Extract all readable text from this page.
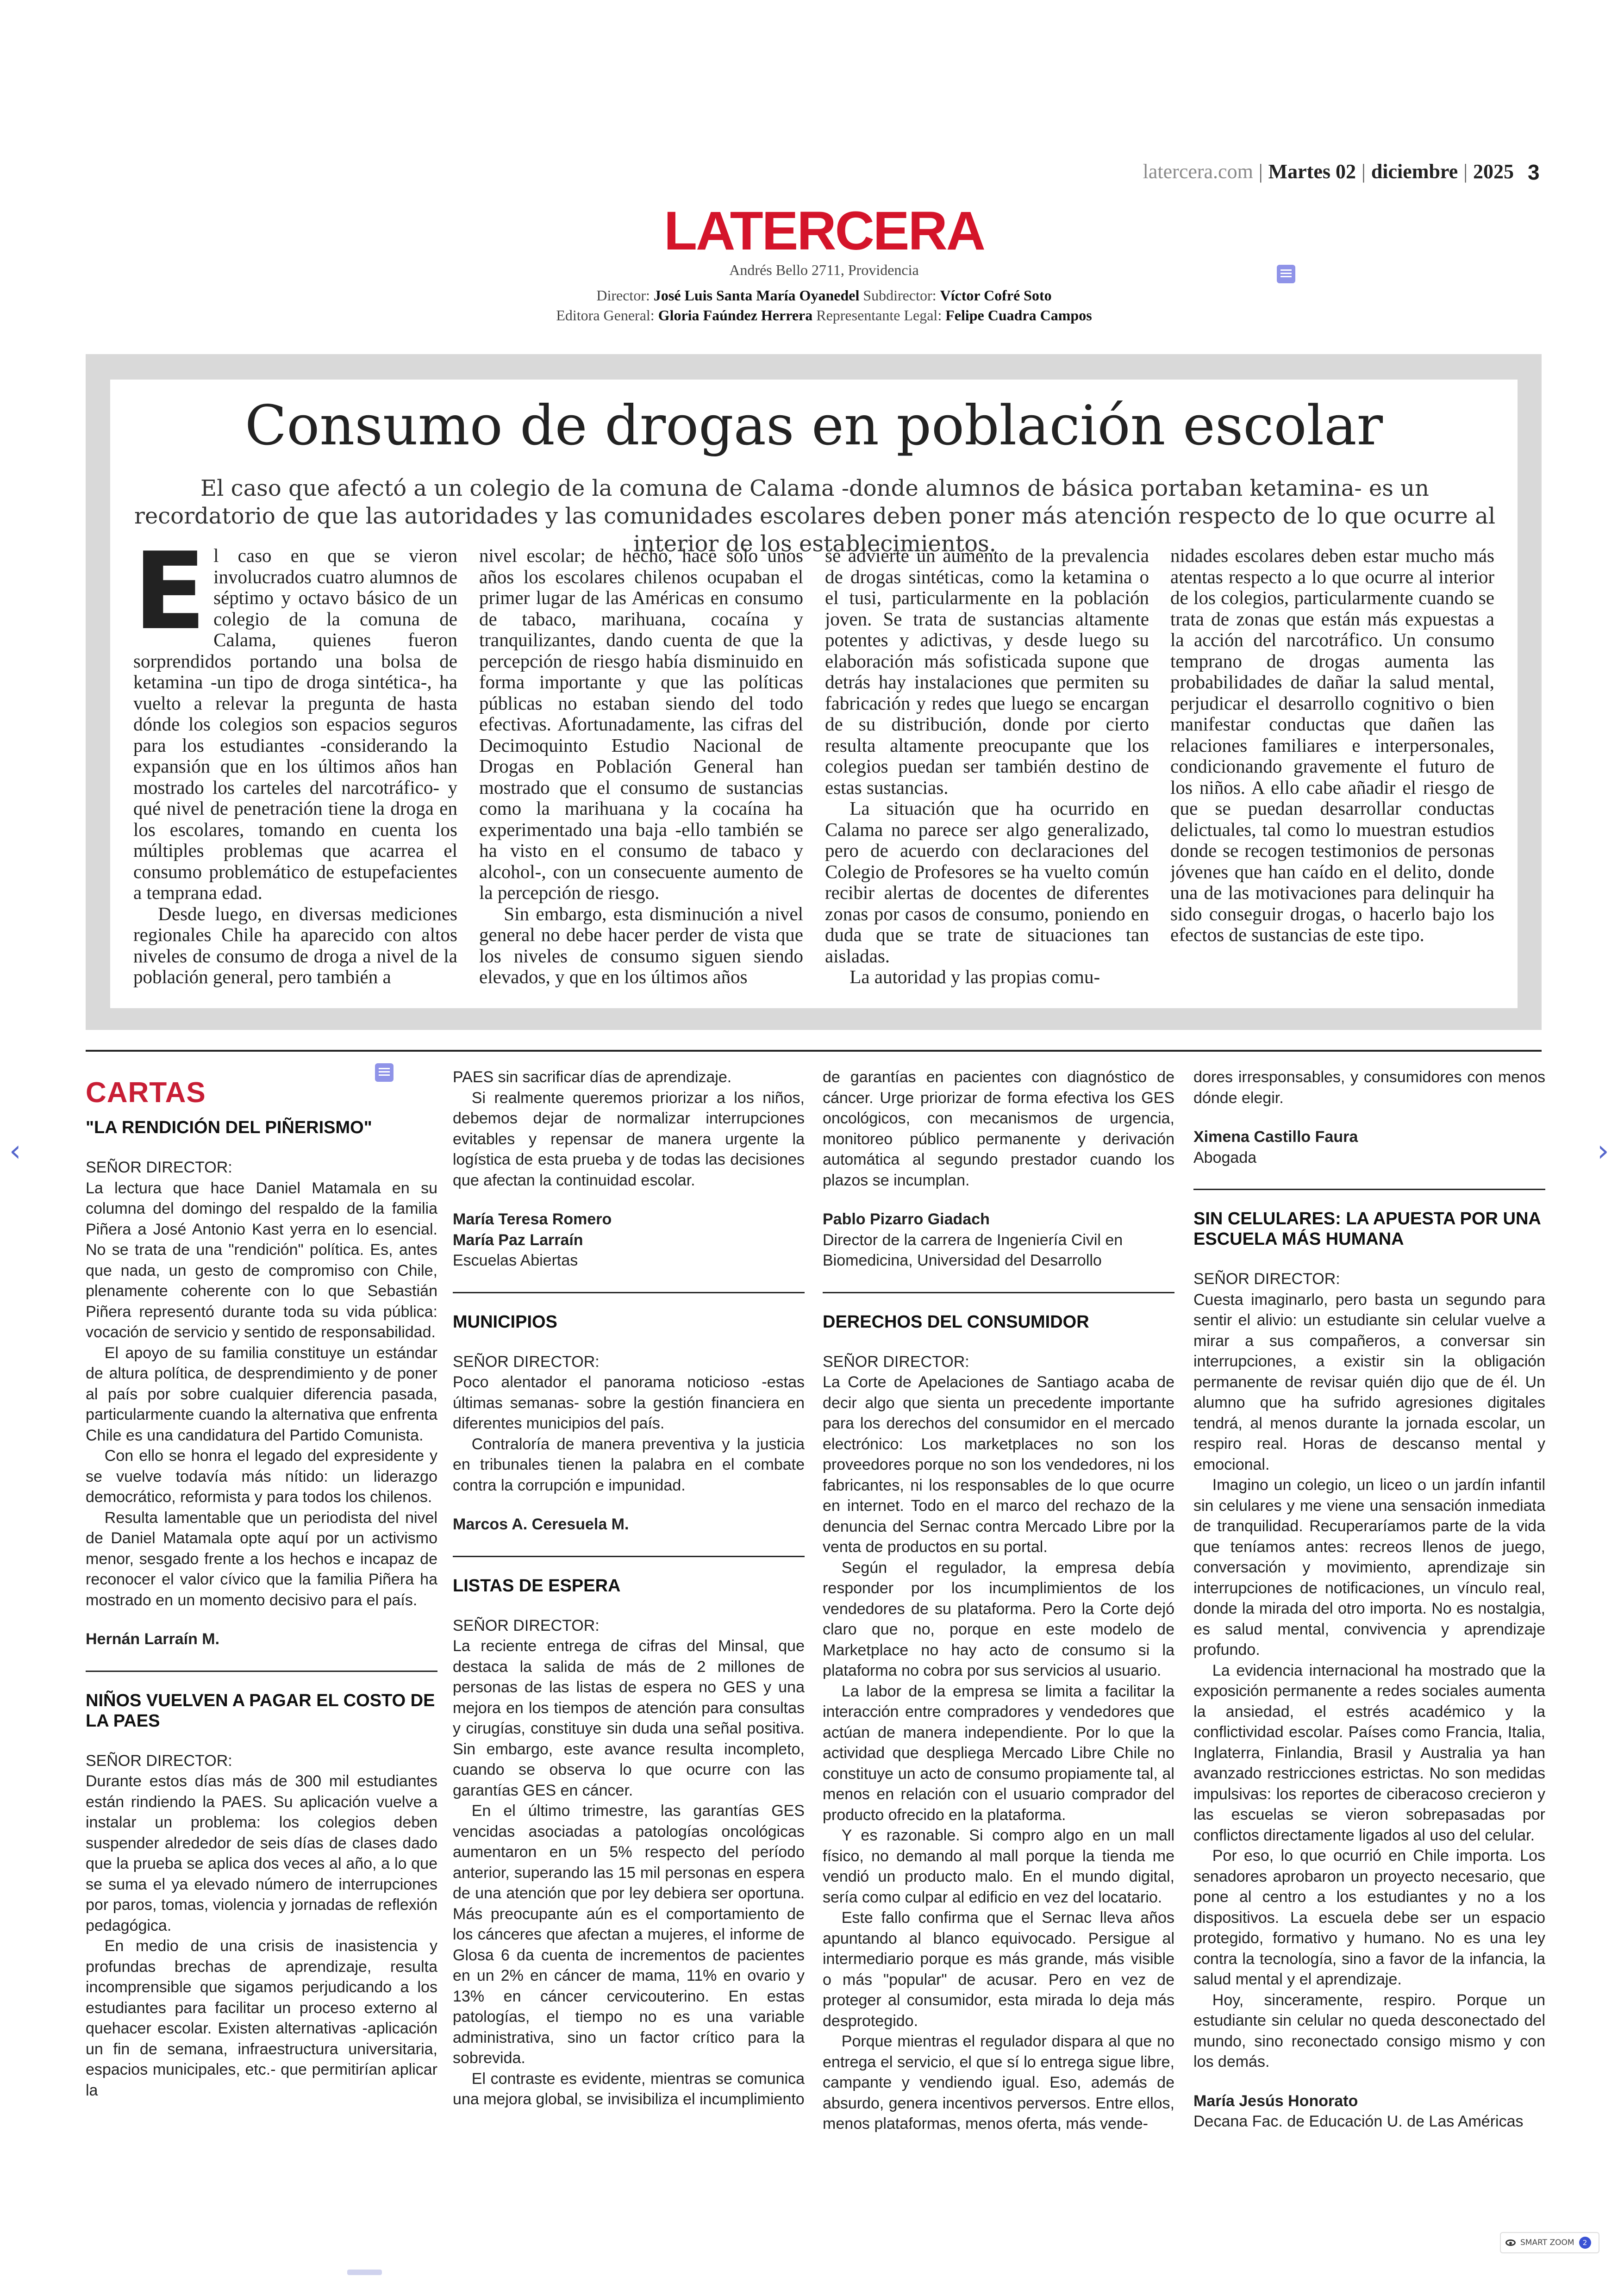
latercera.com | Martes 02 | diciembre | 2025 3
LATERCERA
Andrés Bello 2711, Providencia
Director: José Luis Santa María Oyanedel Subdirector: Víctor Cofré Soto
Editora General: Gloria Faúndez Herrera Representante Legal: Felipe Cuadra Campos
Consumo de drogas en población escolar
El caso que afectó a un colegio de la comuna de Calama -donde alumnos de básica portaban ketamina- es un recordatorio de que las autoridades y las comunidades escolares deben poner más atención respecto de lo que ocurre al interior de los establecimientos.
E l caso en que se vieron involucrados cuatro alumnos de séptimo y octavo básico de un colegio de la comuna de Calama, quienes fueron sorprendidos portando una bolsa de ketamina -un tipo de droga sintética-, ha vuelto a relevar la pregunta de hasta dónde los colegios son espacios seguros para los estudiantes -considerando la expansión que en los últimos años han mostrado los carteles del narcotráfico- y qué nivel de penetración tiene la droga en los escolares, tomando en cuenta los múltiples problemas que acarrea el consumo problemático de estupefacientes a temprana edad.

Desde luego, en diversas mediciones regionales Chile ha aparecido con altos niveles de consumo de droga a nivel de la población general, pero también a

nivel escolar; de hecho, hace solo unos años los escolares chilenos ocupaban el primer lugar de las Américas en consumo de tabaco, marihuana, cocaína y tranquilizantes, dando cuenta de que la percepción de riesgo había disminuido en forma importante y que las políticas públicas no estaban siendo del todo efectivas. Afortunadamente, las cifras del Decimoquinto Estudio Nacional de Drogas en Población General han mostrado que el consumo de sustancias como la marihuana y la cocaína ha experimentado una baja -ello también se ha visto en el consumo de tabaco y alcohol-, con un consecuente aumento de la percepción de riesgo.

Sin embargo, esta disminución a nivel general no debe hacer perder de vista que los niveles de consumo siguen siendo elevados, y que en los últimos años

se advierte un aumento de la prevalencia de drogas sintéticas, como la ketamina o el tusi, particularmente en la población joven. Se trata de sustancias altamente potentes y adictivas, y desde luego su elaboración más sofisticada supone que detrás hay instalaciones que permiten su fabricación y redes que luego se encargan de su distribución, donde por cierto resulta altamente preocupante que los colegios puedan ser también destino de estas sustancias.

La situación que ha ocurrido en Calama no parece ser algo generalizado, pero de acuerdo con declaraciones del Colegio de Profesores se ha vuelto común recibir alertas de docentes de diferentes zonas por casos de consumo, poniendo en duda que se trate de situaciones tan aisladas.

La autoridad y las propias comu-

nidades escolares deben estar mucho más atentas respecto a lo que ocurre al interior de los colegios, particularmente cuando se trata de zonas que están más expuestas a la acción del narcotráfico. Un consumo temprano de drogas aumenta las probabilidades de dañar la salud mental, perjudicar el desarrollo cognitivo o bien manifestar conductas que dañen las relaciones familiares e interpersonales, condicionando gravemente el futuro de los niños. A ello cabe añadir el riesgo de que se puedan desarrollar conductas delictuales, tal como lo muestran estudios donde se recogen testimonios de personas jóvenes que han caído en el delito, donde una de las motivaciones para delinquir ha sido conseguir drogas, o hacerlo bajo los efectos de sustancias de este tipo.

CARTAS
"LA RENDICIÓN DEL PIÑERISMO"

SEÑOR DIRECTOR:

La lectura que hace Daniel Matamala en su columna del domingo del respaldo de la familia Piñera a José Antonio Kast yerra en lo esencial. No se trata de una "rendición" política. Es, antes que nada, un gesto de compromiso con Chile, plenamente coherente con lo que Sebastián Piñera representó durante toda su vida pública: vocación de servicio y sentido de responsabilidad.

El apoyo de su familia constituye un estándar de altura política, de desprendimiento y de poner al país por sobre cualquier diferencia pasada, particularmente cuando la alternativa que enfrenta Chile es una candidatura del Partido Comunista.

Con ello se honra el legado del expresidente y se vuelve todavía más nítido: un liderazgo democrático, reformista y para todos los chilenos.

Resulta lamentable que un periodista del nivel de Daniel Matamala opte aquí por un activismo menor, sesgado frente a los hechos e incapaz de reconocer el valor cívico que la familia Piñera ha mostrado en un momento decisivo para el país.

Hernán Larraín M.
NIÑOS VUELVEN A PAGAR EL COSTO DE LA PAES

SEÑOR DIRECTOR:

Durante estos días más de 300 mil estudiantes están rindiendo la PAES. Su aplicación vuelve a instalar un problema: los colegios deben suspender alrededor de seis días de clases dado que la prueba se aplica dos veces al año, a lo que se suma el ya elevado número de interrupciones por paros, tomas, violencia y jornadas de reflexión pedagógica.

En medio de una crisis de inasistencia y profundas brechas de aprendizaje, resulta incomprensible que sigamos perjudicando a los estudiantes para facilitar un proceso externo al quehacer escolar. Existen alternativas -aplicación un fin de semana, infraestructura universitaria, espacios municipales, etc.- que permitirían aplicar la

PAES sin sacrificar días de aprendizaje.

Si realmente queremos priorizar a los niños, debemos dejar de normalizar interrupciones evitables y repensar de manera urgente la logística de esta prueba y de todas las decisiones que afectan la continuidad escolar.

María Teresa Romero
María Paz Larraín
Escuelas Abiertas
MUNICIPIOS

SEÑOR DIRECTOR:

Poco alentador el panorama noticioso -estas últimas semanas- sobre la gestión financiera en diferentes municipios del país.

Contraloría de manera preventiva y la justicia en tribunales tienen la palabra en el combate contra la corrupción e impunidad.

Marcos A. Ceresuela M.
LISTAS DE ESPERA

SEÑOR DIRECTOR:

La reciente entrega de cifras del Minsal, que destaca la salida de más de 2 millones de personas de las listas de espera no GES y una mejora en los tiempos de atención para consultas y cirugías, constituye sin duda una señal positiva. Sin embargo, este avance resulta incompleto, cuando se observa lo que ocurre con las garantías GES en cáncer.

En el último trimestre, las garantías GES vencidas asociadas a patologías oncológicas aumentaron en un 5% respecto del período anterior, superando las 15 mil personas en espera de una atención que por ley debiera ser oportuna. Más preocupante aún es el comportamiento de los cánceres que afectan a mujeres, el informe de Glosa 6 da cuenta de incrementos de pacientes en un 2% en cáncer de mama, 11% en ovario y 13% en cáncer cervicouterino. En estas patologías, el tiempo no es una variable administrativa, sino un factor crítico para la sobrevida.

El contraste es evidente, mientras se comunica una mejora global, se invisibiliza el incumplimiento

de garantías en pacientes con diagnóstico de cáncer. Urge priorizar de forma efectiva los GES oncológicos, con mecanismos de urgencia, monitoreo público permanente y derivación automática al segundo prestador cuando los plazos se incumplan.

Pablo Pizarro Giadach
Director de la carrera de Ingeniería Civil en Biomedicina, Universidad del Desarrollo
DERECHOS DEL CONSUMIDOR

SEÑOR DIRECTOR:

La Corte de Apelaciones de Santiago acaba de decir algo que sienta un precedente importante para los derechos del consumidor en el mercado electrónico: Los marketplaces no son los proveedores porque no son los vendedores, ni los fabricantes, ni los responsables de lo que ocurre en internet. Todo en el marco del rechazo de la denuncia del Sernac contra Mercado Libre por la venta de productos en su portal.

Según el regulador, la empresa debía responder por los incumplimientos de los vendedores de su plataforma. Pero la Corte dejó claro que no, porque en este modelo de Marketplace no hay acto de consumo si la plataforma no cobra por sus servicios al usuario.

La labor de la empresa se limita a facilitar la interacción entre compradores y vendedores que actúan de manera independiente. Por lo que la actividad que despliega Mercado Libre Chile no constituye un acto de consumo propiamente tal, al menos en relación con el usuario comprador del producto ofrecido en la plataforma.

Y es razonable. Si compro algo en un mall físico, no demando al mall porque la tienda me vendió un producto malo. En el mundo digital, sería como culpar al edificio en vez del locatario.

Este fallo confirma que el Sernac lleva años apuntando al blanco equivocado. Persigue al intermediario porque es más grande, más visible o más "popular" de acusar. Pero en vez de proteger al consumidor, esta mirada lo deja más desprotegido.

Porque mientras el regulador dispara al que no entrega el servicio, el que sí lo entrega sigue libre, campante y vendiendo igual. Eso, además de absurdo, genera incentivos perversos. Entre ellos, menos plataformas, menos oferta, más vende-

dores irresponsables, y consumidores con menos dónde elegir.

Ximena Castillo Faura
Abogada
SIN CELULARES: LA APUESTA POR UNA ESCUELA MÁS HUMANA

SEÑOR DIRECTOR:

Cuesta imaginarlo, pero basta un segundo para sentir el alivio: un estudiante sin celular vuelve a mirar a sus compañeros, a conversar sin interrupciones, a existir sin la obligación permanente de revisar quién dijo que de él. Un alumno que ha sufrido agresiones digitales tendrá, al menos durante la jornada escolar, un respiro real. Horas de descanso mental y emocional.

Imagino un colegio, un liceo o un jardín infantil sin celulares y me viene una sensación inmediata de tranquilidad. Recuperaríamos parte de la vida que teníamos antes: recreos llenos de juego, conversación y movimiento, aprendizaje sin interrupciones de notificaciones, un vínculo real, donde la mirada del otro importa. No es nostalgia, es salud mental, convivencia y aprendizaje profundo.

La evidencia internacional ha mostrado que la exposición permanente a redes sociales aumenta la ansiedad, el estrés académico y la conflictividad escolar. Países como Francia, Italia, Inglaterra, Finlandia, Brasil y Australia ya han avanzado restricciones estrictas. No son medidas impulsivas: los reportes de ciberacoso crecieron y las escuelas se vieron sobrepasadas por conflictos directamente ligados al uso del celular.

Por eso, lo que ocurrió en Chile importa. Los senadores aprobaron un proyecto necesario, que pone al centro a los estudiantes y no a los dispositivos. La escuela debe ser un espacio protegido, formativo y humano. No es una ley contra la tecnología, sino a favor de la infancia, la salud mental y el aprendizaje.

Hoy, sinceramente, respiro. Porque un estudiante sin celular no queda desconectado del mundo, sino reconectado consigo mismo y con los demás.

María Jesús Honorato
Decana Fac. de Educación U. de Las Américas
‹	›
SMART ZOOM	2
